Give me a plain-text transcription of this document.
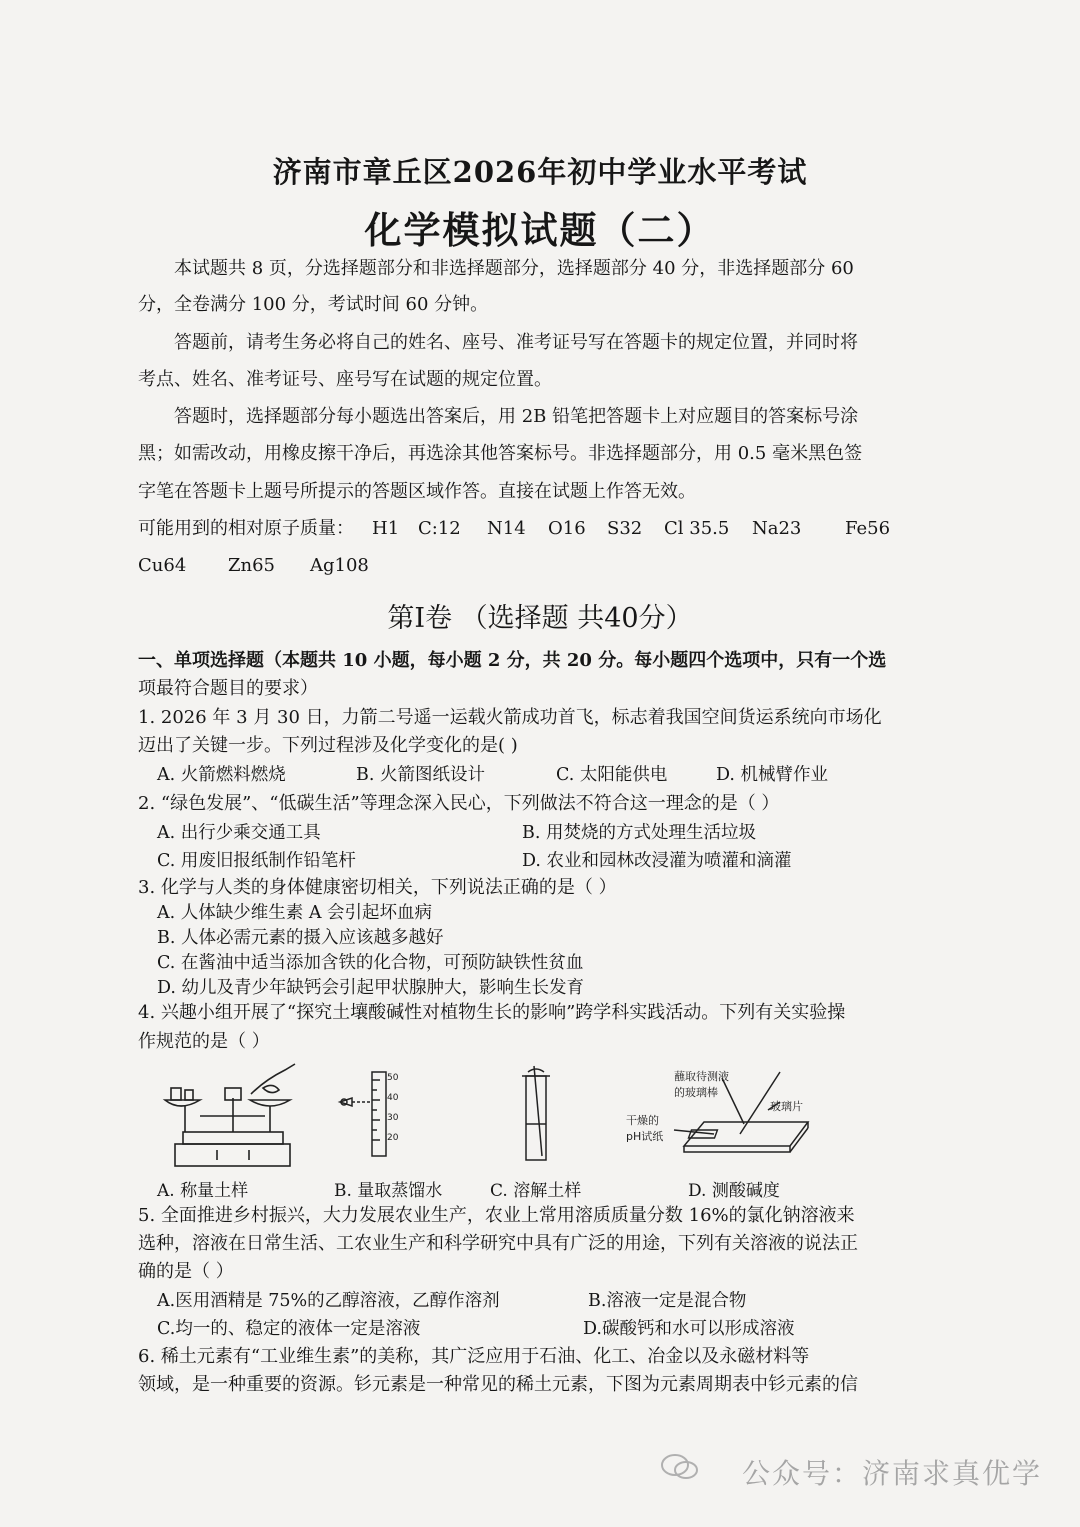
济南市章丘区2026年初中学业水平考试
化学模拟试题（二）
本试题共 8 页，分选择题部分和非选择题部分，选择题部分 40 分，非选择题部分 60
分，全卷满分 100 分，考试时间 60 分钟。
答题前，请考生务必将自己的姓名、座号、准考证号写在答题卡的规定位置，并同时将
考点、姓名、准考证号、座号写在试题的规定位置。
答题时，选择题部分每小题选出答案后，用 2B 铅笔把答题卡上对应题目的答案标号涂
黑；如需改动，用橡皮擦干净后，再选涂其他答案标号。非选择题部分，用 0.5 毫米黑色签
字笔在答题卡上题号所提示的答题区域作答。直接在试题上作答无效。
可能用到的相对原子质量： H1 C:12 N14 O16 S32 Cl 35.5 Na23 Fe56
Cu64 Zn65 Ag108
第Ⅰ卷 （选择题 共40分）
一、单项选择题（本题共 10 小题，每小题 2 分，共 20 分。每小题四个选项中，只有一个选
项最符合题目的要求）
1. 2026 年 3 月 30 日，力箭二号遥一运载火箭成功首飞，标志着我国空间货运系统向市场化
迈出了关键一步。下列过程涉及化学变化的是( )
A. 火箭燃料燃烧	B. 火箭图纸设计	C. 太阳能供电	D. 机械臂作业
2. “绿色发展”、“低碳生活”等理念深入民心，下列做法不符合这一理念的是（ ）
A. 出行少乘交通工具	B. 用焚烧的方式处理生活垃圾
C. 用废旧报纸制作铅笔杆	D. 农业和园林改浸灌为喷灌和滴灌
3. 化学与人类的身体健康密切相关，下列说法正确的是（ ）
A. 人体缺少维生素 A 会引起坏血病
B. 人体必需元素的摄入应该越多越好
C. 在酱油中适当添加含铁的化合物，可预防缺铁性贫血
D. 幼儿及青少年缺钙会引起甲状腺肿大，影响生长发育
4. 兴趣小组开展了“探究土壤酸碱性对植物生长的影响”跨学科实践活动。下列有关实验操
作规范的是（ ）
50
40
30
20
蘸取待测液
的玻璃棒
玻璃片
干燥的
pH试纸
A. 称量土样	B. 量取蒸馏水	C. 溶解土样	D. 测酸碱度
5. 全面推进乡村振兴，大力发展农业生产，农业上常用溶质质量分数 16%的氯化钠溶液来
选种，溶液在日常生活、工农业生产和科学研究中具有广泛的用途，下列有关溶液的说法正
确的是（ ）
A.医用酒精是 75%的乙醇溶液，乙醇作溶剂	B.溶液一定是混合物
C.均一的、稳定的液体一定是溶液	D.碳酸钙和水可以形成溶液
6. 稀土元素有“工业维生素”的美称，其广泛应用于石油、化工、冶金以及永磁材料等
领域，是一种重要的资源。钐元素是一种常见的稀土元素，下图为元素周期表中钐元素的信
公众号：济南求真优学
